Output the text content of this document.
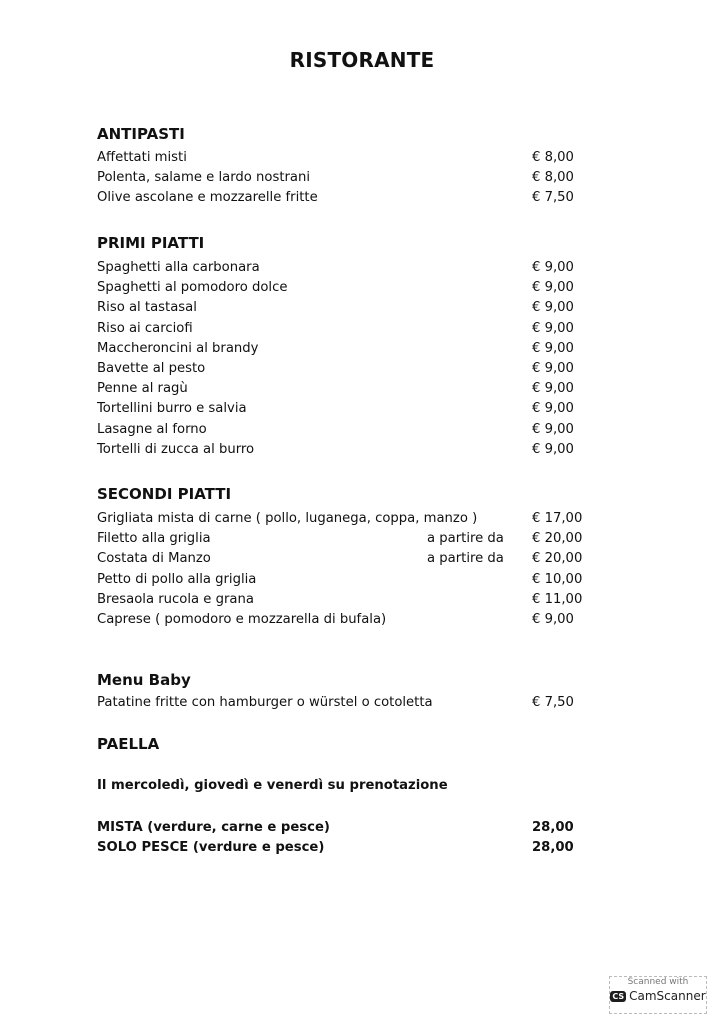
RISTORANTE
ANTIPASTI
Affettati misti	€ 8,00
Polenta, salame e lardo nostrani	€ 8,00
Olive ascolane e mozzarelle fritte	€ 7,50
PRIMI PIATTI
Spaghetti alla carbonara	€ 9,00
Spaghetti al pomodoro dolce	€ 9,00
Riso al tastasal	€ 9,00
Riso ai carciofi	€ 9,00
Maccheroncini al brandy	€ 9,00
Bavette al pesto	€ 9,00
Penne al ragù	€ 9,00
Tortellini burro e salvia	€ 9,00
Lasagne al forno	€ 9,00
Tortelli di zucca al burro	€ 9,00
SECONDI PIATTI
Grigliata mista di carne ( pollo, luganega, coppa, manzo )	€ 17,00
Filetto alla griglia	a partire da € 20,00
Costata di Manzo	a partire da € 20,00
Petto di pollo alla griglia	€ 10,00
Bresaola rucola e grana	€ 11,00
Caprese ( pomodoro e mozzarella di bufala)	€ 9,00
Menu Baby
Patatine fritte con hamburger o würstel o cotoletta	€ 7,50
PAELLA
Il mercoledì, giovedì e venerdì su prenotazione
MISTA (verdure, carne e pesce)	28,00
SOLO PESCE (verdure e pesce)	28,00
Scanned with
CS CamScanner
